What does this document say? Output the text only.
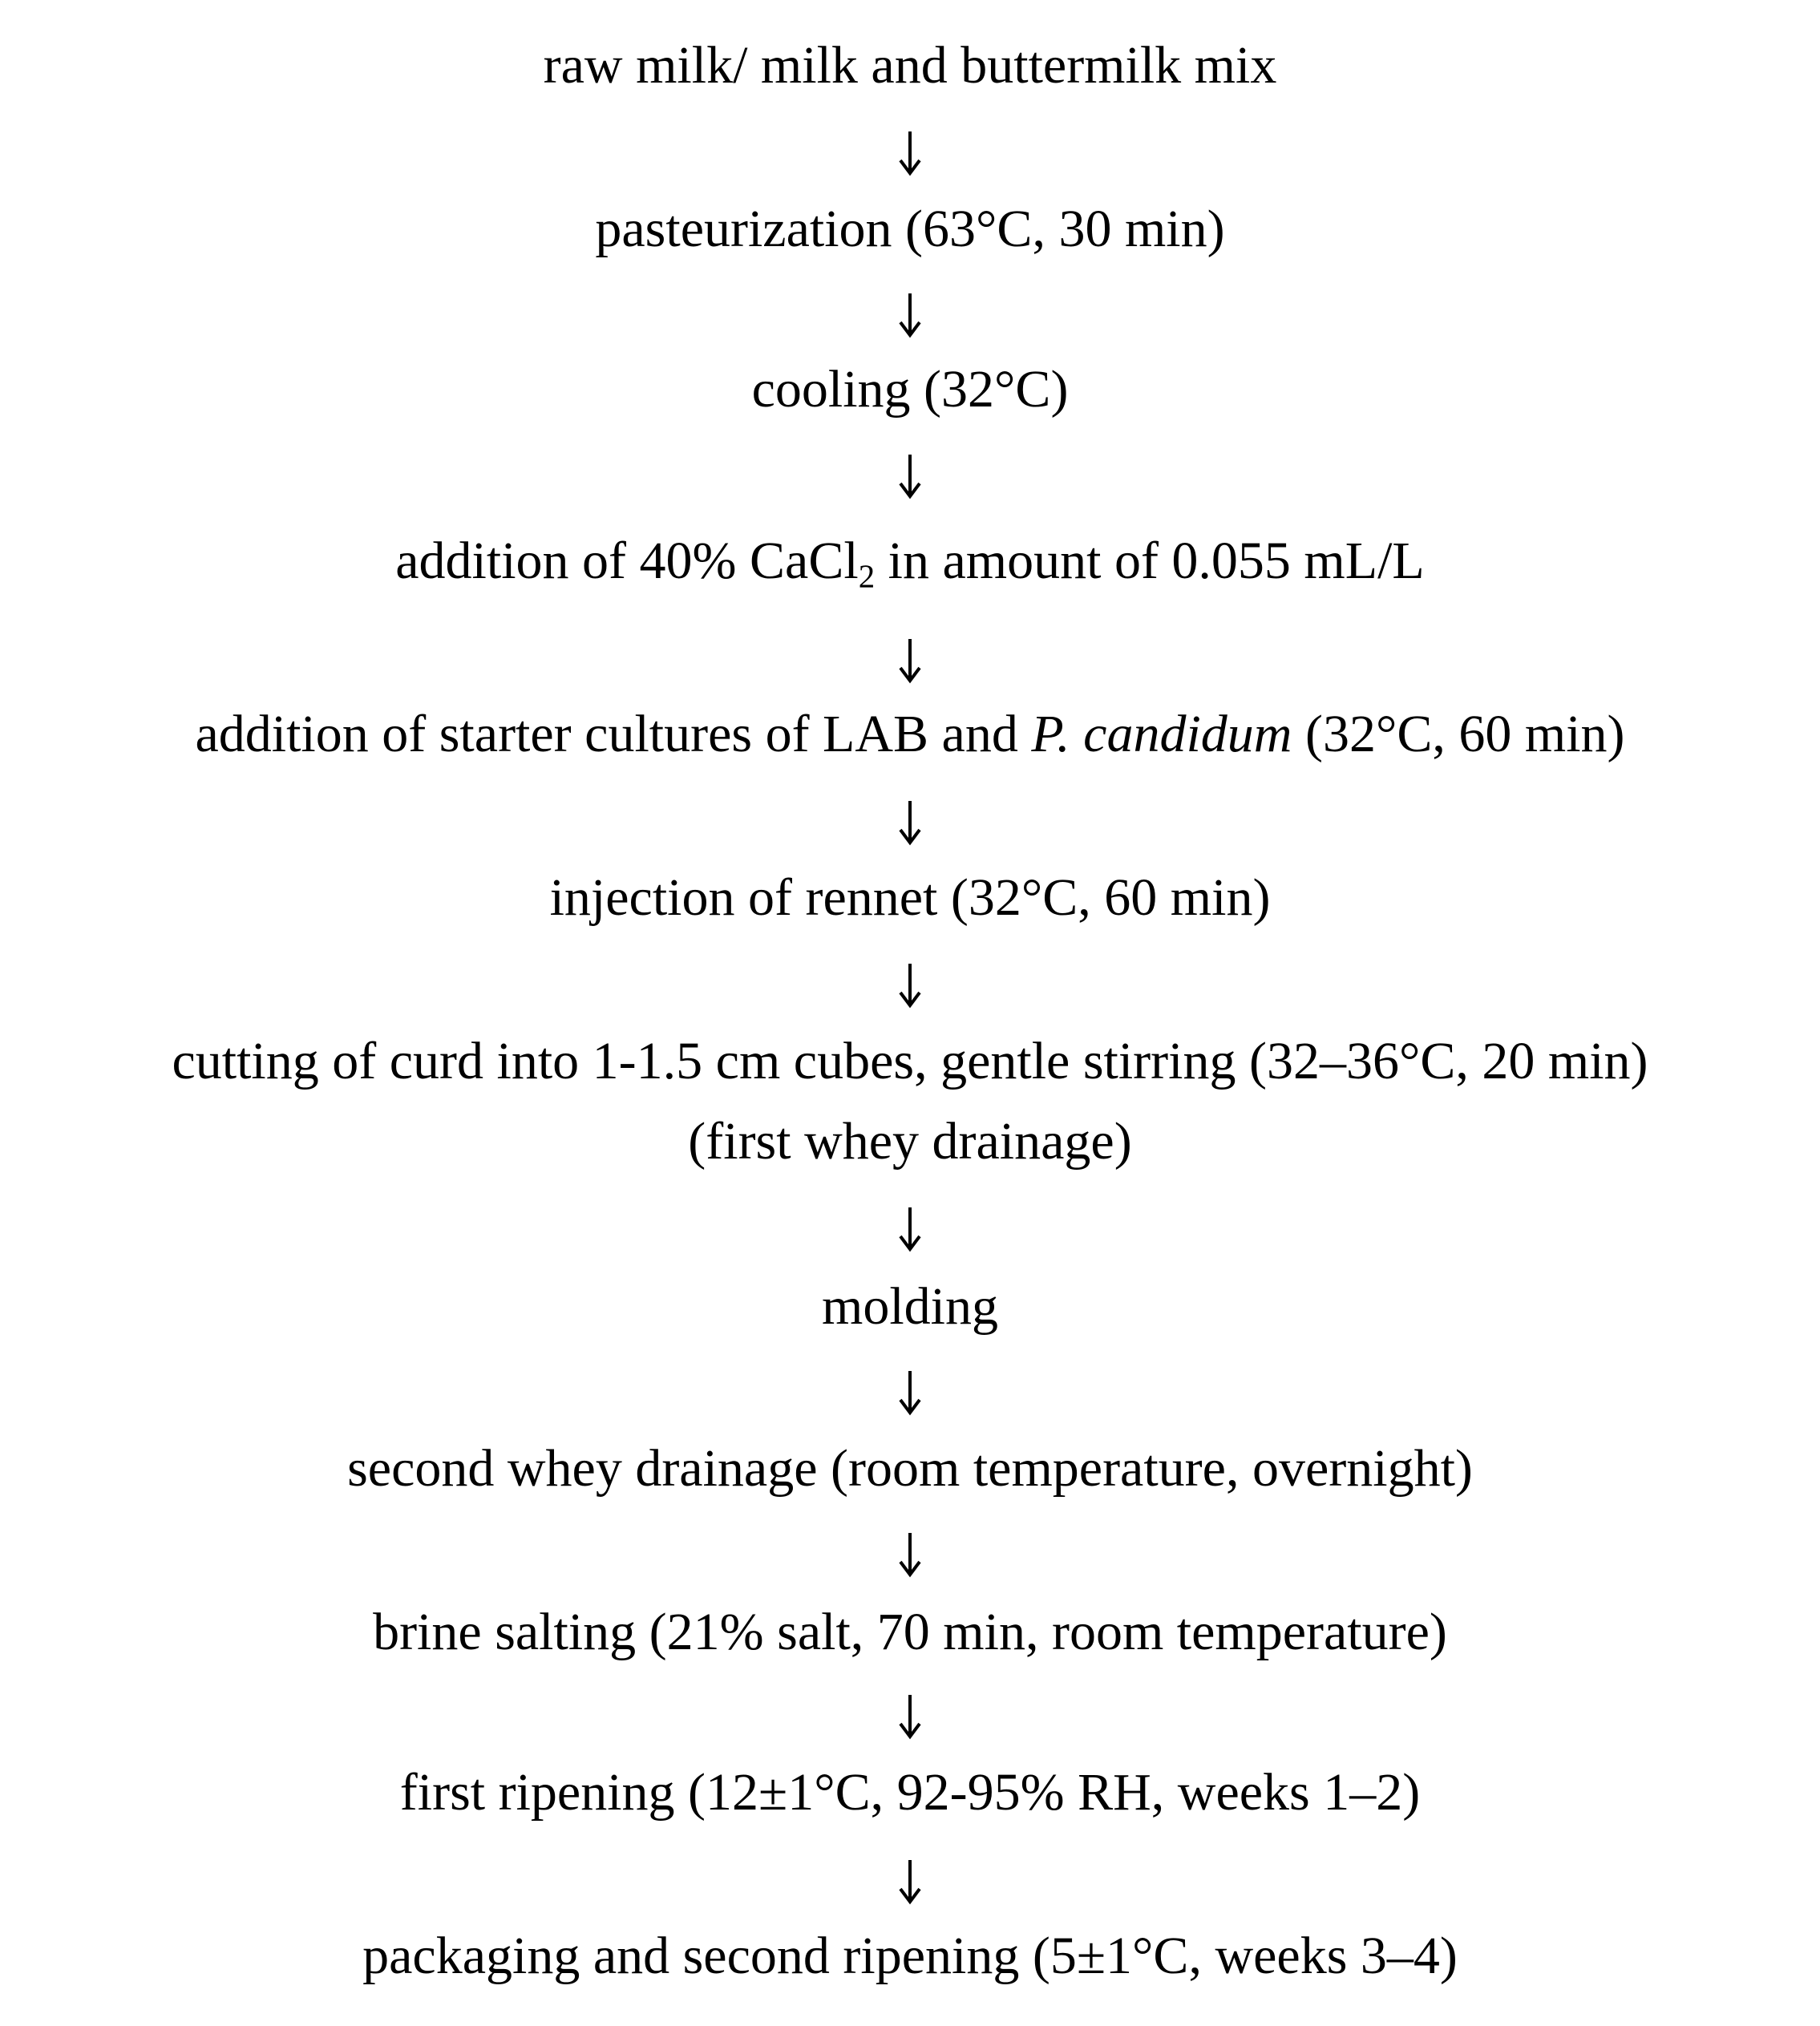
raw milk/ milk and buttermilk mix
pasteurization (63°C, 30 min)
cooling (32°C)
addition of 40% CaCl$_2$ in amount of 0.055 mL/L
addition of starter cultures of LAB and P. candidum (32°C, 60 min)
injection of rennet (32°C, 60 min)
cutting of curd into 1-1.5 cm cubes, gentle stirring (32–36°C, 20 min)
(first whey drainage)
molding
second whey drainage (room temperature, overnight)
brine salting (21% salt, 70 min, room temperature)
first ripening (12±1°C, 92-95% RH, weeks 1–2)
packaging and second ripening (5±1°C, weeks 3–4)
